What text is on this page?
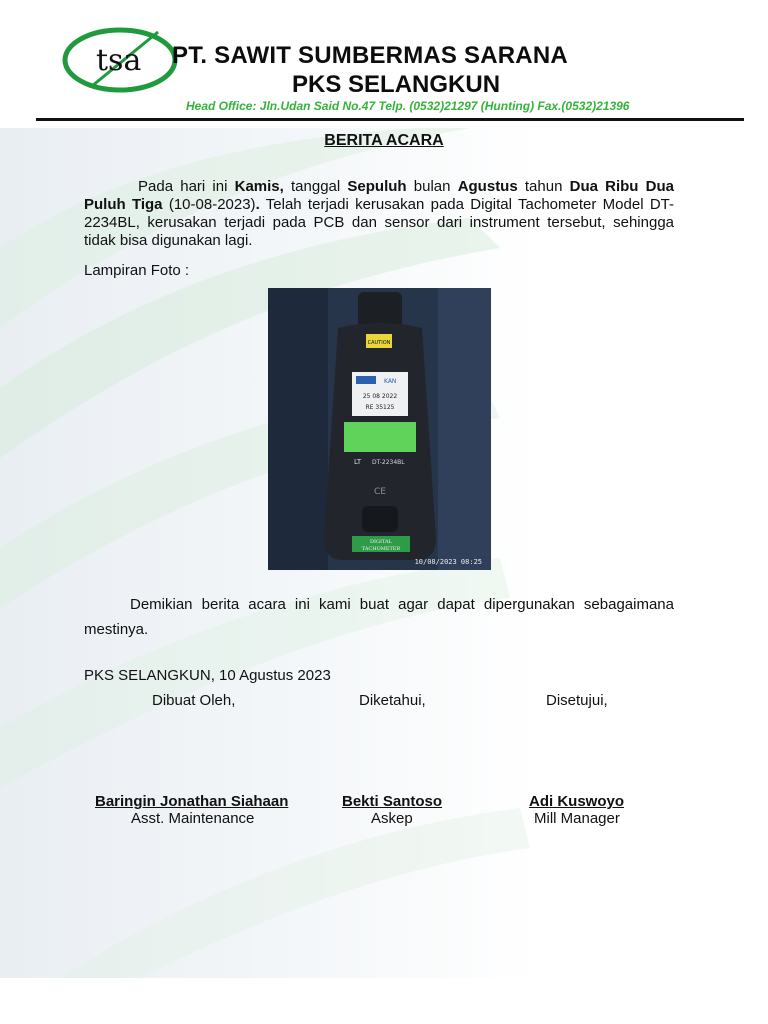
tsa PT. SAWIT SUMBERMAS SARANA
PKS SELANGKUN
Head Office: Jln.Udan Said No.47 Telp. (0532)21297 (Hunting) Fax.(0532)21396
BERITA ACARA
Pada hari ini Kamis, tanggal Sepuluh bulan Agustus tahun Dua Ribu Dua Puluh Tiga (10-08-2023). Telah terjadi kerusakan pada Digital Tachometer Model DT-2234BL, kerusakan terjadi pada PCB dan sensor dari instrument tersebut, sehingga tidak bisa digunakan lagi.
Lampiran Foto :
CAUTION
KAN
25 08 2022
RE 35125
LT DT-2234BL
CE
DIGITAL
TACHOMETER
10/08/2023 08:25
Demikian berita acara ini kami buat agar dapat dipergunakan sebagaimana mestinya.
PKS SELANGKUN, 10 Agustus 2023
Dibuat Oleh,	Diketahui,	Disetujui,
Baringin Jonathan Siahaan	Bekti Santoso	Adi Kuswoyo
Asst. Maintenance	Askep	Mill Manager
